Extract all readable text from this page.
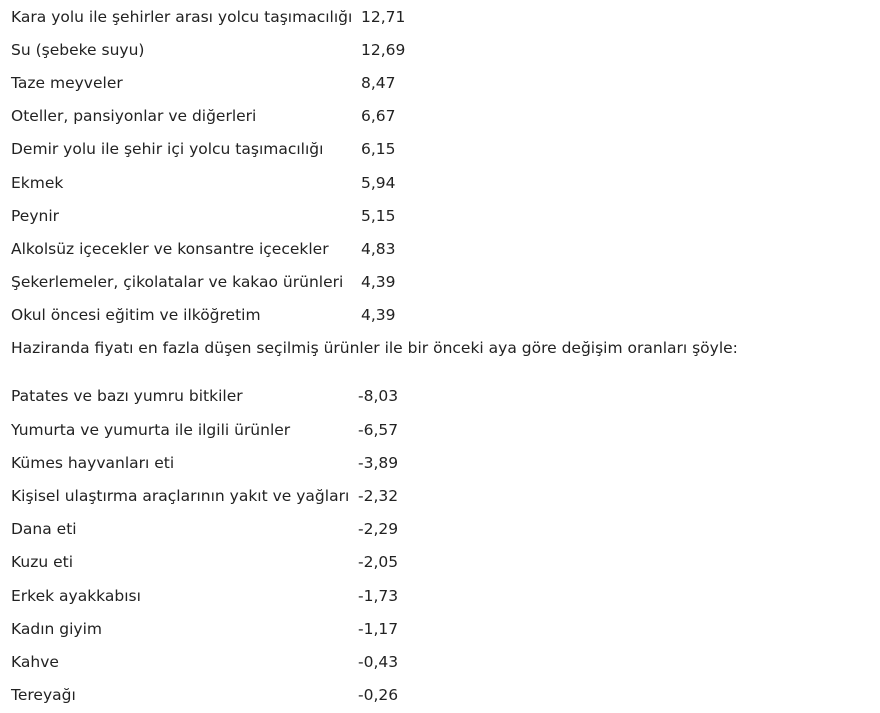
Kara yolu ile şehirler arası yolcu taşımacılığı	12,71
Su (şebeke suyu)	12,69
Taze meyveler	8,47
Oteller, pansiyonlar ve diğerleri	6,67
Demir yolu ile şehir içi yolcu taşımacılığı	6,15
Ekmek	5,94
Peynir	5,15
Alkolsüz içecekler ve konsantre içecekler	4,83
Şekerlemeler, çikolatalar ve kakao ürünleri	4,39
Okul öncesi eğitim ve ilköğretim	4,39
Haziranda fiyatı en fazla düşen seçilmiş ürünler ile bir önceki aya göre değişim oranları şöyle:
Patates ve bazı yumru bitkiler	-8,03
Yumurta ve yumurta ile ilgili ürünler	-6,57
Kümes hayvanları eti	-3,89
Kişisel ulaştırma araçlarının yakıt ve yağları	-2,32
Dana eti	-2,29
Kuzu eti	-2,05
Erkek ayakkabısı	-1,73
Kadın giyim	-1,17
Kahve	-0,43
Tereyağı	-0,26
